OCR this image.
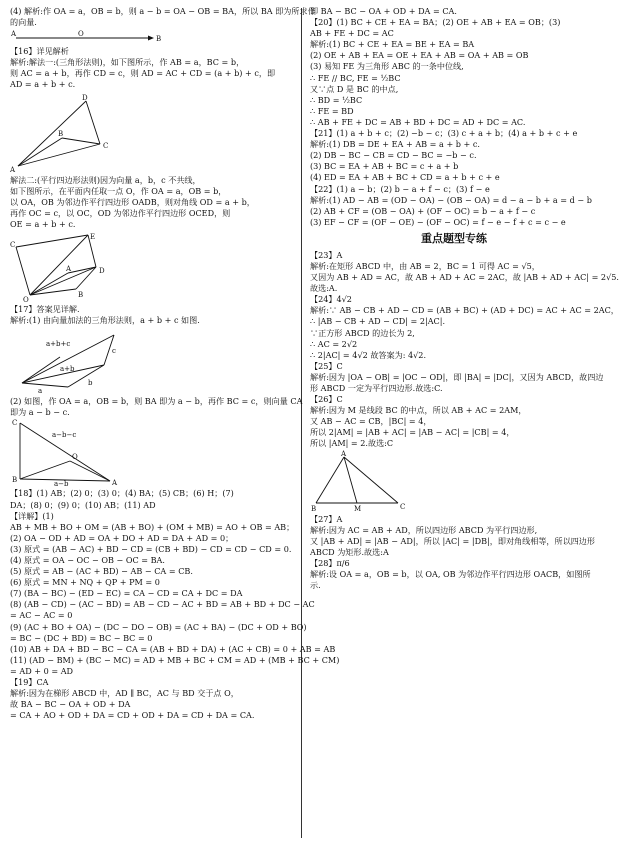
(4) 解析:作 OA = a，OB = b，则 a − b = OA − OB = BA，所以 BA 即为所求作
的向量.
A	O
B
【16】详见解析
解析:解法一:(三角形法则)，如下图所示，作 AB = a，BC = b，
则 AC = a + b，再作 CD = c，则 AD = AC + CD = (a + b) + c，即
AD = a + b + c.
D
A
B
C
解法二:(平行四边形法则)因为向量 a，b，c 不共线，
如下图所示，在平面内任取一点 O，作 OA = a，OB = b，
以 OA，OB 为邻边作平行四边形 OADB，则对角线 OD = a + b，
再作 OC = c，以 OC，OD 为邻边作平行四边形 OCED，则
OE = a + b + c.
E
C
A
B
D
O
【17】答案见详解.
解析:(1) 由向量加法的三角形法则，a + b + c 如图.
a+b+c
a+b
c
a
b
(2) 如图，作 OA = a，OB = b，则 BA 即为 a − b，再作 BC = c，则向量 CA
即为 a − b − c.
C
a−b−c
O
B	A
a−b
【18】(1) AB；(2) 0；(3) 0；(4) BA；(5) CB；(6) H；(7)
DA；(8) 0；(9) 0；(10) AB；(11) AD
【详解】(1)
AB + MB + BO + OM = (AB + BO) + (OM + MB) = AO + OB = AB；
(2) OA − OD + AD = OA + DO + AD = DA + AD = 0；
(3) 原式 = (AB − AC) + BD − CD = (CB + BD) − CD = CD − CD = 0.
(4) 原式 = OA − OC − OB − OC = BA.
(5) 原式 = AB − (AC + BD) − AB − CA = CB.
(6) 原式 = MN + NQ + QP + PM = 0
(7) (BA − BC) − (ED − EC) = CA − CD = CA + DC = DA
(8) (AB − CD) − (AC − BD) = AB − CD − AC + BD = AB + BD + DC − AC
= AC − AC = 0
(9) (AC + BO + OA) − (DC − DO − OB) = (AC + BA) − (DC + OD + BO)
= BC − (DC + BD) = BC − BC = 0
(10) AB + DA + BD − BC − CA = (AB + BD + DA) + (AC + CB) = 0 + AB = AB
(11) (AD − BM) + (BC − MC) = AD + MB + BC + CM = AD + (MB + BC + CM)
= AD + 0 = AD
【19】CA
解析:因为在梯形 ABCD 中，AD ∥ BC，AC 与 BD 交于点 O，
故 BA − BC − OA + OD + DA
= CA + AO + OD + DA = CD + OD + DA = CD + DA = CA.
即 BA − BC − OA + OD + DA = CA.
【20】(1) BC + CE + EA = BA；(2) OE + AB + EA = OB；(3)
AB + FE + DC = AC
解析:(1) BC + CE + EA = BE + EA = BA
(2) OE + AB + EA = OE + EA + AB = OA + AB = OB
(3) 易知 FE 为三角形 ABC 的一条中位线,
∴ FE // BC, FE = ½BC
又∵点 D 是 BC 的中点,
∴ BD = ½BC
∴ FE = BD
∴ AB + FE + DC = AB + BD + DC = AD + DC = AC.
【21】(1) a + b + c；(2) −b − c；(3) c + a + b；(4) a + b + c + e
解析:(1) DB = DE + EA + AB = a + b + c.
(2) DB − BC − CB = CD − BC = −b − c.
(3) BC = EA + AB + BC = c + a + b
(4) ED = EA + AB + BC + CD = a + b + c + e
【22】(1) a − b；(2) b − a + f − c；(3) f − e
解析:(1) AD − AB = (OD − OA) − (OB − OA) = d − a − b + a = d − b
(2) AB + CF = (OB − OA) + (OF − OC) = b − a + f − c
(3) EF − CF = (OF − OE) − (OF − OC) = f − e − f + c = c − e
重点题型专练
【23】A
解析:在矩形 ABCD 中，由 AB = 2，BC = 1 可得 AC = √5，
又因为 AB + AD = AC，故 AB + AD + AC = 2AC，故 |AB + AD + AC| = 2√5.
故选:A.
【24】4√2
解析:∵ AB − CB + AD − CD = (AB + BC) + (AD + DC) = AC + AC = 2AC，
∴ |AB − CB + AD − CD| = 2|AC|.
∵正方形 ABCD 的边长为 2,
∴ AC = 2√2
∴ 2|AC| = 4√2 故答案为: 4√2.
【25】C
解析:因为 |OA − OB| = |OC − OD|，即 |BA| = |DC|，又因为 ABCD，故四边
形 ABCD 一定为平行四边形.故选:C.
【26】C
解析:因为 M 是线段 BC 的中点，所以 AB + AC = 2AM，
又 AB − AC = CB，|BC| = 4，
所以 2|AM| = |AB + AC| = |AB − AC| = |CB| = 4，
所以 |AM| = 2.故选:C
A
B	M	C
【27】A
解析:因为 AC = AB + AD，所以四边形 ABCD 为平行四边形,
又 |AB + AD| = |AB − AD|，所以 |AC| = |DB|，即对角线相等，所以四边形
ABCD 为矩形.故选:A
【28】π/6
解析:设 OA = a，OB = b，以 OA, OB 为邻边作平行四边形 OACB，如图所
示.
